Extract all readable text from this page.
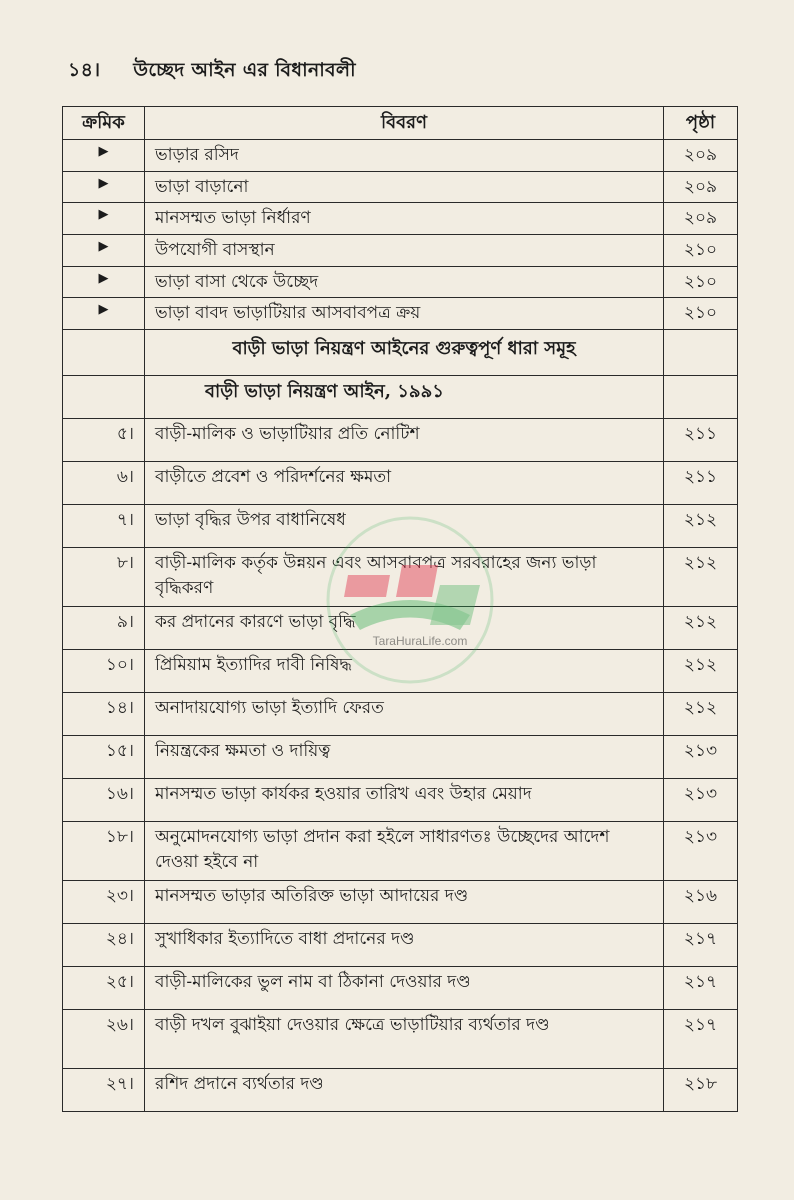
১৪। উচ্ছেদ আইন এর বিধানাবলী
ক্রমিক	বিবরণ	পৃষ্ঠা
▶	ভাড়ার রসিদ	২০৯
▶	ভাড়া বাড়ানো	২০৯
▶	মানসম্মত ভাড়া নির্ধারণ	২০৯
▶	উপযোগী বাসস্থান	২১০
▶	ভাড়া বাসা থেকে উচ্ছেদ	২১০
▶	ভাড়া বাবদ ভাড়াটিয়ার আসবাবপত্র ক্রয়	২১০
	বাড়ী ভাড়া নিয়ন্ত্রণ আইনের গুরুত্বপূর্ণ ধারা সমূহ	
	বাড়ী ভাড়া নিয়ন্ত্রণ আইন, ১৯৯১	
৫।	বাড়ী-মালিক ও ভাড়াটিয়ার প্রতি নোটিশ	২১১
৬।	বাড়ীতে প্রবেশ ও পরিদর্শনের ক্ষমতা	২১১
৭।	ভাড়া বৃদ্ধির উপর বাধানিষেধ	২১২
৮।	বাড়ী-মালিক কর্তৃক উন্নয়ন এবং আসবাবপত্র সরবরাহের জন্য ভাড়া বৃদ্ধিকরণ	২১২
৯।	কর প্রদানের কারণে ভাড়া বৃদ্ধি	২১২
১০।	প্রিমিয়াম ইত্যাদির দাবী নিষিদ্ধ	২১২
১৪।	অনাদায়যোগ্য ভাড়া ইত্যাদি ফেরত	২১২
১৫।	নিয়ন্ত্রকের ক্ষমতা ও দায়িত্ব	২১৩
১৬।	মানসম্মত ভাড়া কার্যকর হওয়ার তারিখ এবং উহার মেয়াদ	২১৩
১৮।	অনুমোদনযোগ্য ভাড়া প্রদান করা হইলে সাধারণতঃ উচ্ছেদের আদেশ দেওয়া হইবে না	২১৩
২৩।	মানসম্মত ভাড়ার অতিরিক্ত ভাড়া আদায়ের দণ্ড	২১৬
২৪।	সুখাধিকার ইত্যাদিতে বাধা প্রদানের দণ্ড	২১৭
২৫।	বাড়ী-মালিকের ভুল নাম বা ঠিকানা দেওয়ার দণ্ড	২১৭
২৬।	বাড়ী দখল বুঝাইয়া দেওয়ার ক্ষেত্রে ভাড়াটিয়ার ব্যর্থতার দণ্ড	২১৭
২৭।	রশিদ প্রদানে ব্যর্থতার দণ্ড	২১৮
TaraHuraLife.com
